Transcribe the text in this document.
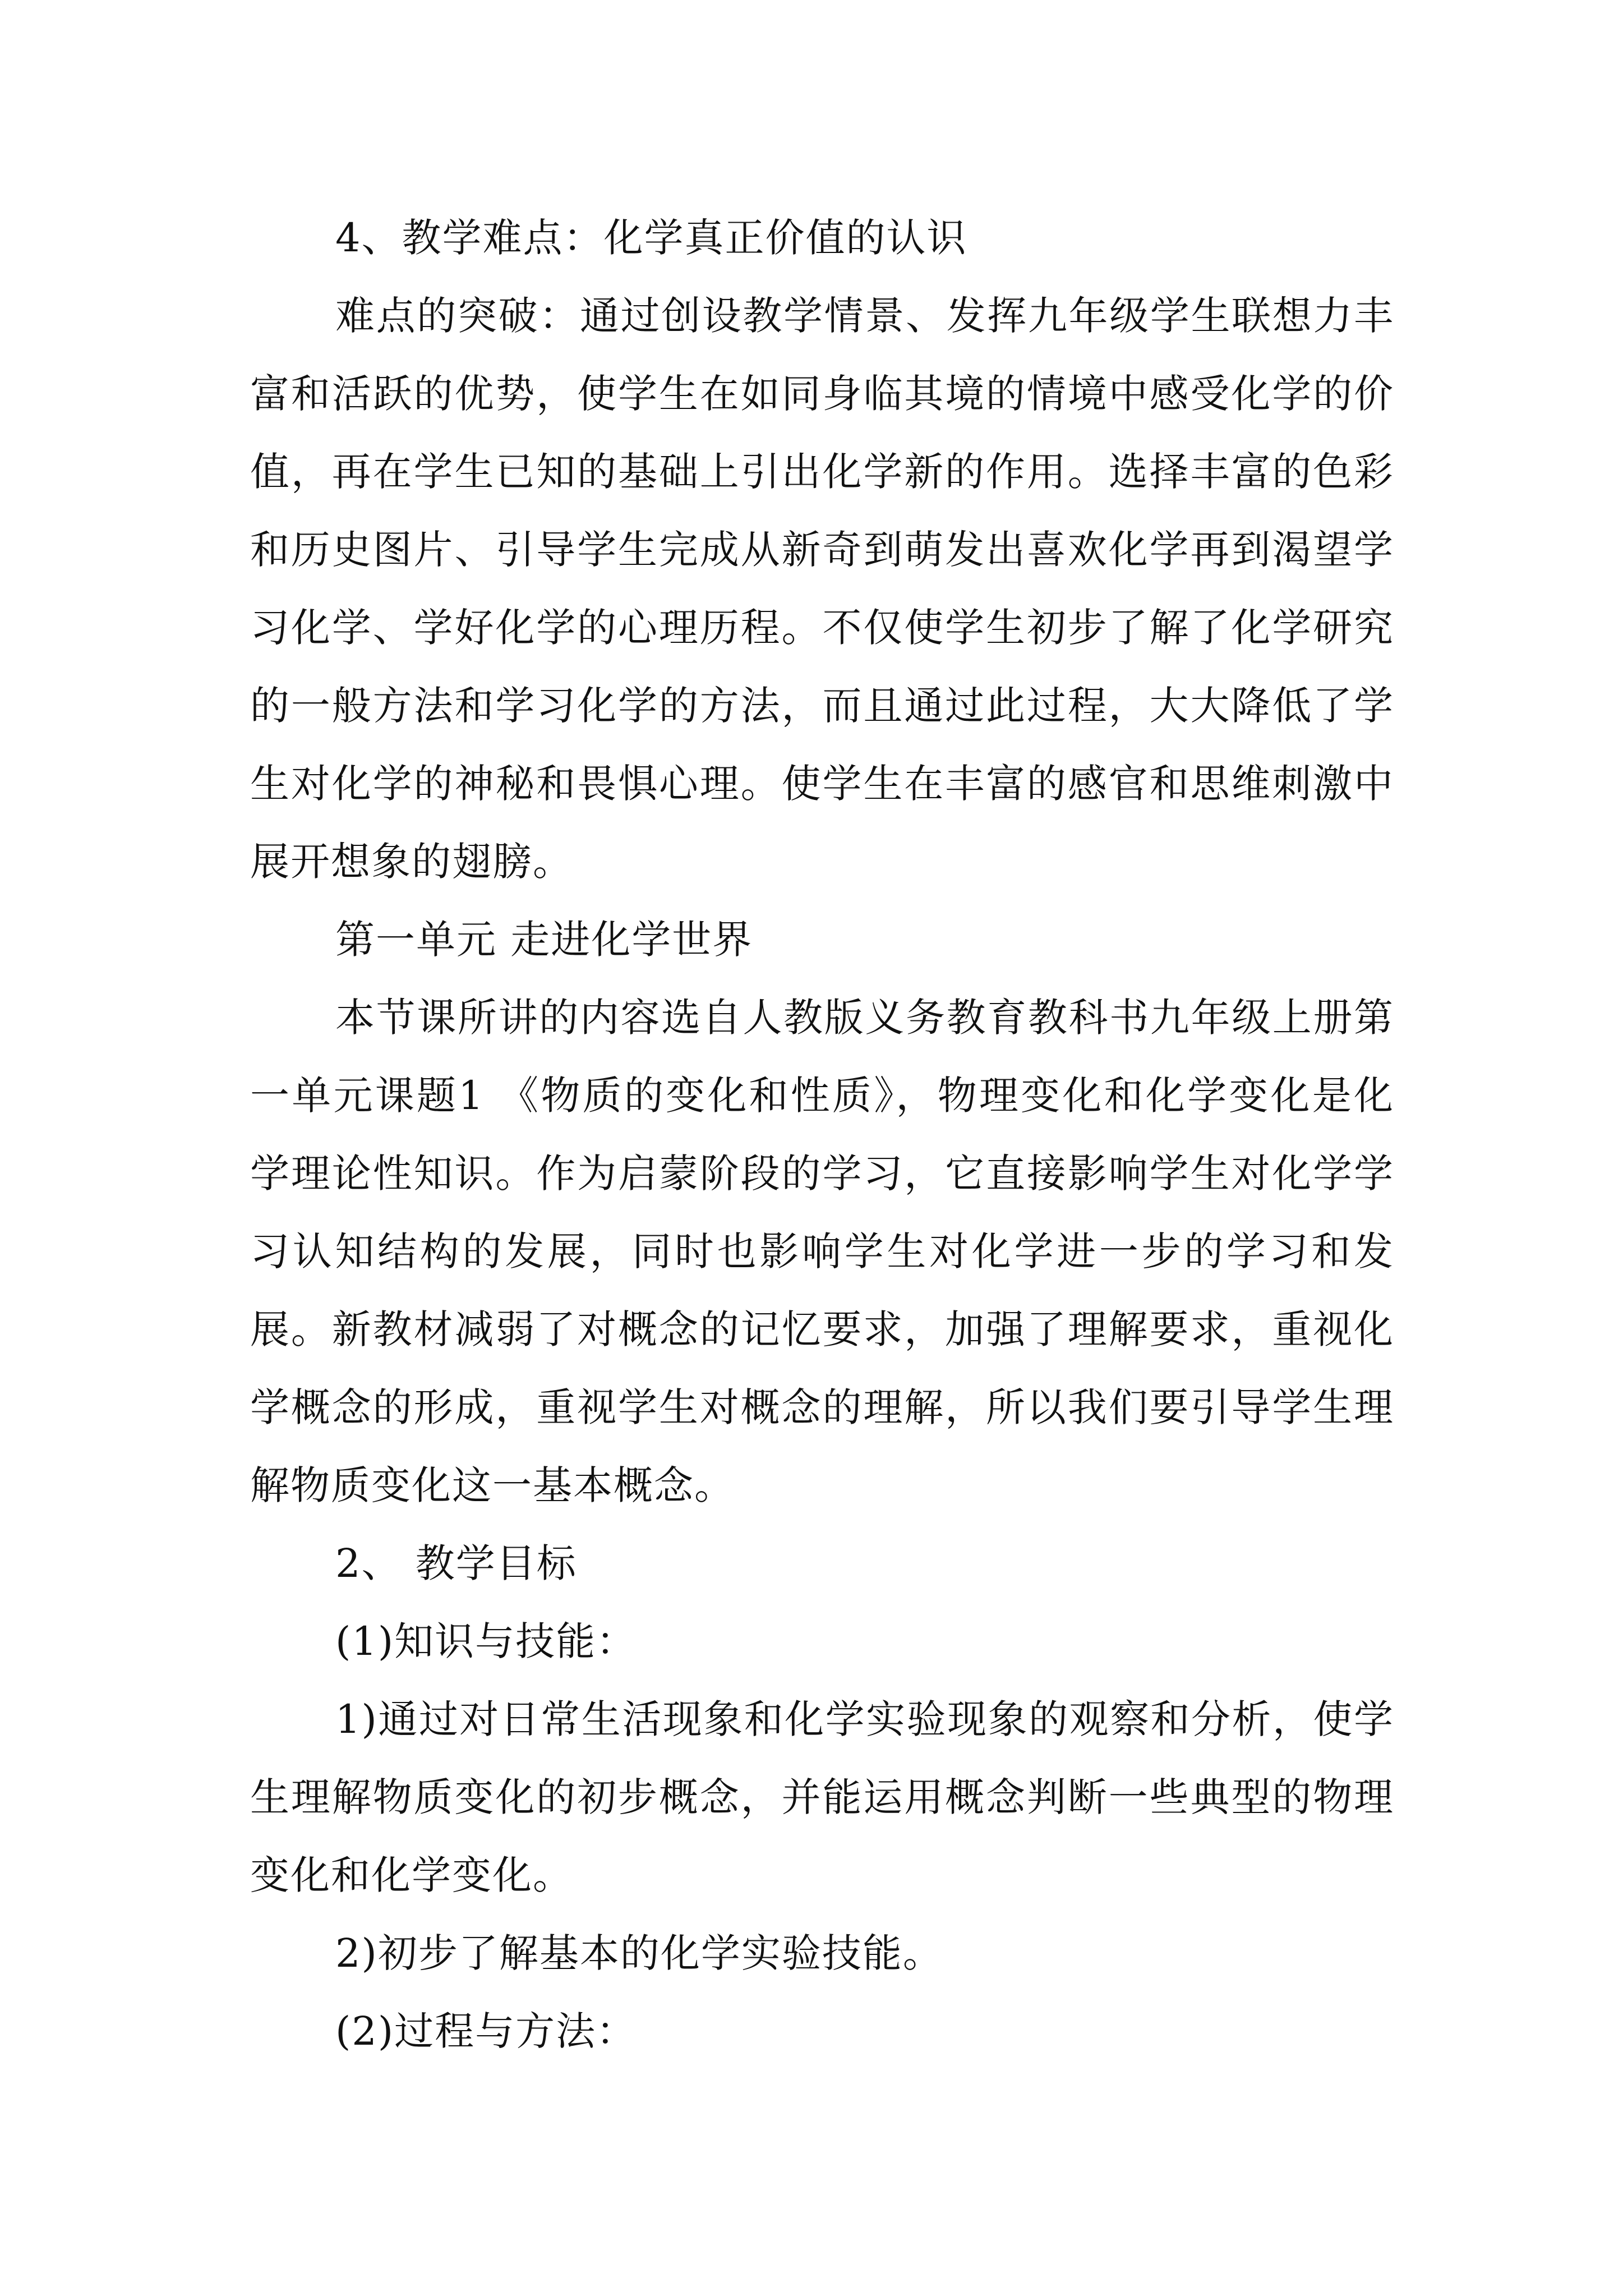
4、教学难点：化学真正价值的认识

难点的突破：通过创设教学情景、发挥九年级学生联想力丰富和活跃的优势，使学生在如同身临其境的情境中感受化学的价值，再在学生已知的基础上引出化学新的作用。选择丰富的色彩和历史图片、引导学生完成从新奇到萌发出喜欢化学再到渴望学习化学、学好化学的心理历程。不仅使学生初步了解了化学研究的一般方法和学习化学的方法，而且通过此过程，大大降低了学生对化学的神秘和畏惧心理。使学生在丰富的感官和思维刺激中展开想象的翅膀。

第一单元 走进化学世界

本节课所讲的内容选自人教版义务教育教科书九年级上册第一单元课题1 《物质的变化和性质》，物理变化和化学变化是化学理论性知识。作为启蒙阶段的学习，它直接影响学生对化学学习认知结构的发展，同时也影响学生对化学进一步的学习和发展。新教材减弱了对概念的记忆要求，加强了理解要求，重视化学概念的形成，重视学生对概念的理解，所以我们要引导学生理解物质变化这一基本概念。

2、 教学目标

(1)知识与技能：

1)通过对日常生活现象和化学实验现象的观察和分析，使学生理解物质变化的初步概念，并能运用概念判断一些典型的物理变化和化学变化。

2)初步了解基本的化学实验技能。

(2)过程与方法：
